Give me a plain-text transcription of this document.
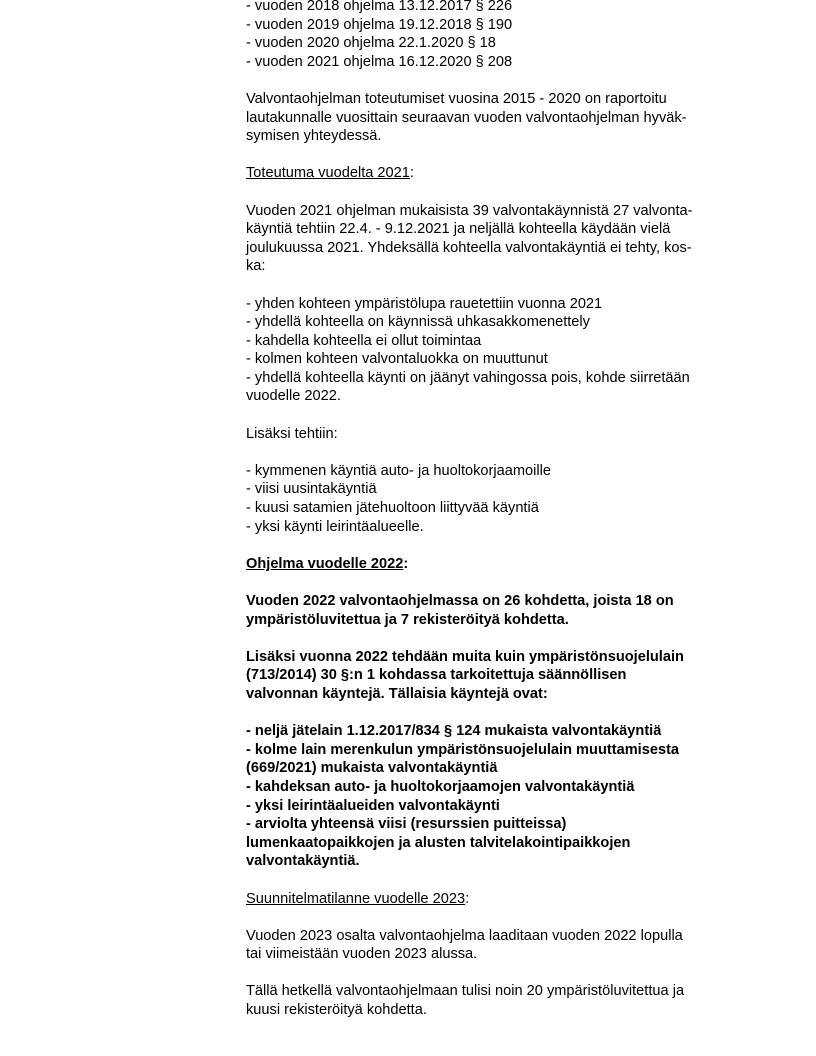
- vuoden 2018 ohjelma 13.12.2017 § 226
- vuoden 2019 ohjelma 19.12.2018 § 190
- vuoden 2020 ohjelma 22.1.2020 § 18
- vuoden 2021 ohjelma 16.12.2020 § 208
Valvontaohjelman toteutumiset vuosina 2015 - 2020 on raportoitu
lautakunnalle vuosittain seuraavan vuoden valvontaohjelman hyväk-
symisen yhteydessä.
Toteutuma vuodelta 2021:
Vuoden 2021 ohjelman mukaisista 39 valvontakäynnistä 27 valvonta-
käyntiä tehtiin 22.4. - 9.12.2021 ja neljällä kohteella käydään vielä
joulukuussa 2021. Yhdeksällä kohteella valvontakäyntiä ei tehty, kos-
ka:
- yhden kohteen ympäristölupa rauetettiin vuonna 2021
- yhdellä kohteella on käynnissä uhkasakkomenettely
- kahdella kohteella ei ollut toimintaa
- kolmen kohteen valvontaluokka on muuttunut
- yhdellä kohteella käynti on jäänyt vahingossa pois, kohde siirretään
vuodelle 2022.
Lisäksi tehtiin:
- kymmenen käyntiä auto- ja huoltokorjaamoille
- viisi uusintakäyntiä
- kuusi satamien jätehuoltoon liittyvää käyntiä
- yksi käynti leirintäalueelle.
Ohjelma vuodelle 2022:
Vuoden 2022 valvontaohjelmassa on 26 kohdetta, joista 18 on
ympäristöluvitettua ja 7 rekisteröityä kohdetta.
Lisäksi vuonna 2022 tehdään muita kuin ympäristönsuojelulain
(713/2014) 30 §:n 1 kohdassa tarkoitettuja säännöllisen
valvonnan käyntejä. Tällaisia käyntejä ovat:
- neljä jätelain 1.12.2017/834 § 124 mukaista valvontakäyntiä
- kolme lain merenkulun ympäristönsuojelulain muuttamisesta
(669/2021) mukaista valvontakäyntiä
- kahdeksan auto- ja huoltokorjaamojen valvontakäyntiä
- yksi leirintäalueiden valvontakäynti
- arviolta yhteensä viisi (resurssien puitteissa)
lumenkaatopaikkojen ja alusten talvitelakointipaikkojen
valvontakäyntiä.
Suunnitelmatilanne vuodelle 2023:
Vuoden 2023 osalta valvontaohjelma laaditaan vuoden 2022 lopulla
tai viimeistään vuoden 2023 alussa.
Tällä hetkellä valvontaohjelmaan tulisi noin 20 ympäristöluvitettua ja
kuusi rekisteröityä kohdetta.
